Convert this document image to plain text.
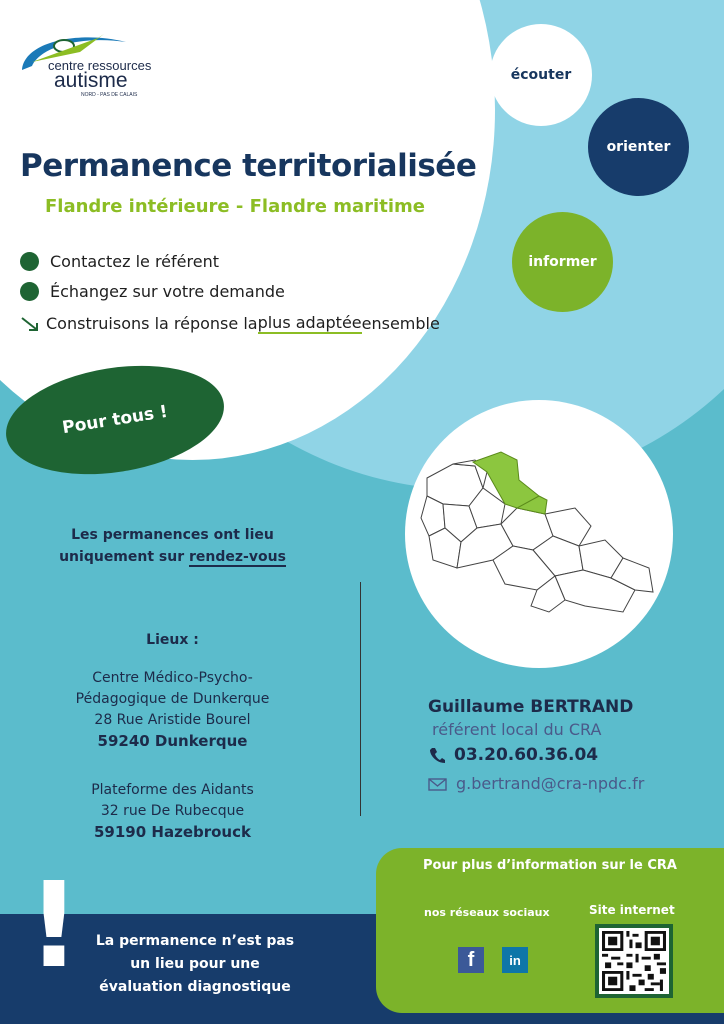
centre ressources
autisme
NORD - PAS DE CALAIS
Permanence territorialisée
Flandre intérieure - Flandre maritime
Contactez le référent
Échangez sur votre demande
Construisons la réponse la plus adaptée ensemble
écouter
orienter
informer
Pour tous !
Les permanences ont lieu
uniquement sur rendez-vous
Lieux :
Centre Médico-Psycho-
Pédagogique de Dunkerque
28 Rue Aristide Bourel
59240 Dunkerque
Plateforme des Aidants
32 rue De Rubecque
59190 Hazebrouck
Guillaume BERTRAND
référent local du CRA
03.20.60.36.04
g.bertrand@cra-npdc.fr
!	La permanence n’est pas
un lieu pour une
évaluation diagnostique
Pour plus d’information sur le CRA
nos réseaux sociaux	Site internet
f	in
